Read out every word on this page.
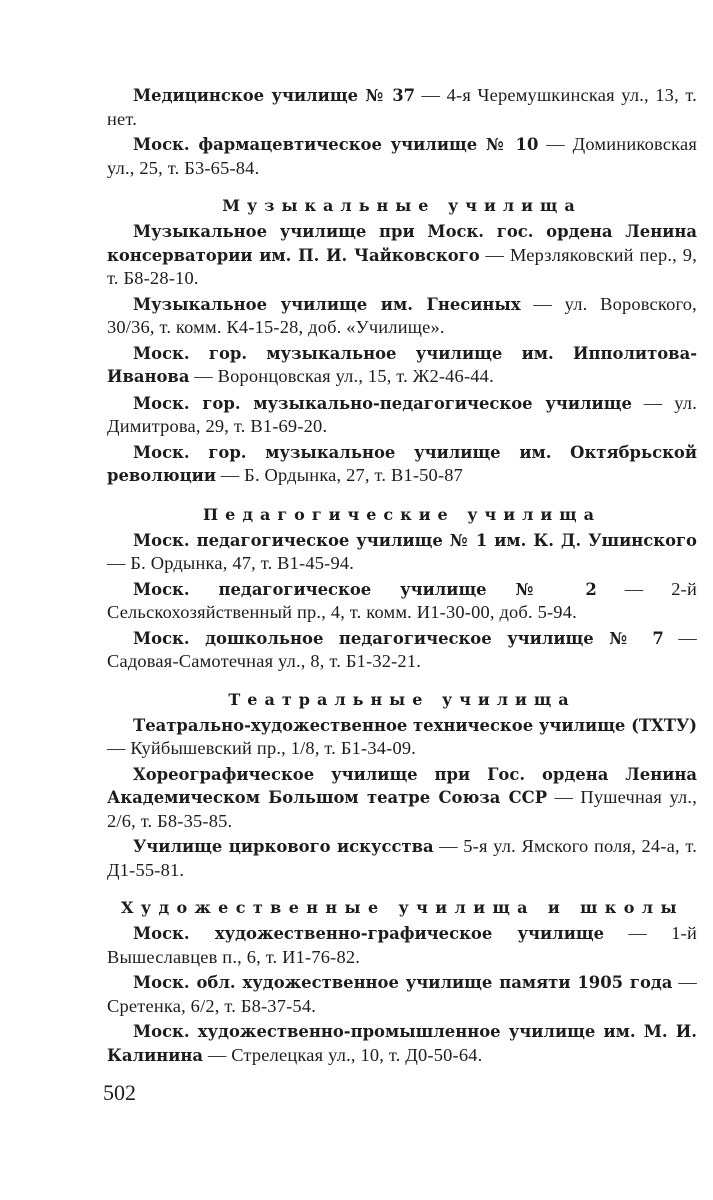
Медицинское училище № 37 — 4-я Черемушкинская ул., 13, т. нет.

Моск. фармацевтическое училище № 10 — Доминиковская ул., 25, т. Б3-65-84.

Музыкальные училища

Музыкальное училище при Моск. гос. ордена Ленина консерватории им. П. И. Чайковского — Мерзляковский пер., 9, т. Б8-28-10.

Музыкальное училище им. Гнесиных — ул. Воровского, 30/36, т. комм. К4-15-28, доб. «Училище».

Моск. гор. музыкальное училище им. Ипполитова-Иванова — Воронцовская ул., 15, т. Ж2-46-44.

Моск. гор. музыкально-педагогическое училище — ул. Димитрова, 29, т. В1-69-20.

Моск. гор. музыкальное училище им. Октябрьской революции — Б. Ордынка, 27, т. В1-50-87

Педагогические училища

Моск. педагогическое училище № 1 им. К. Д. Ушинского — Б. Ордынка, 47, т. В1-45-94.

Моск. педагогическое училище № 2 — 2-й Сельскохозяйственный пр., 4, т. комм. И1-30-00, доб. 5-94.

Моск. дошкольное педагогическое училище № 7 — Садовая-Самотечная ул., 8, т. Б1-32-21.

Театральные училища

Театрально-художественное техническое училище (ТХТУ) — Куйбышевский пр., 1/8, т. Б1-34-09.

Хореографическое училище при Гос. ордена Ленина Академическом Большом театре Союза ССР — Пушечная ул., 2/6, т. Б8-35-85.

Училище циркового искусства — 5-я ул. Ямского поля, 24-а, т. Д1-55-81.

Художественные училища и школы

Моск. художественно-графическое училище — 1-й Вышеславцев п., 6, т. И1-76-82.

Моск. обл. художественное училище памяти 1905 года — Сретенка, 6/2, т. Б8-37-54.

Моск. художественно-промышленное училище им. М. И. Калинина — Стрелецкая ул., 10, т. Д0-50-64.

502
